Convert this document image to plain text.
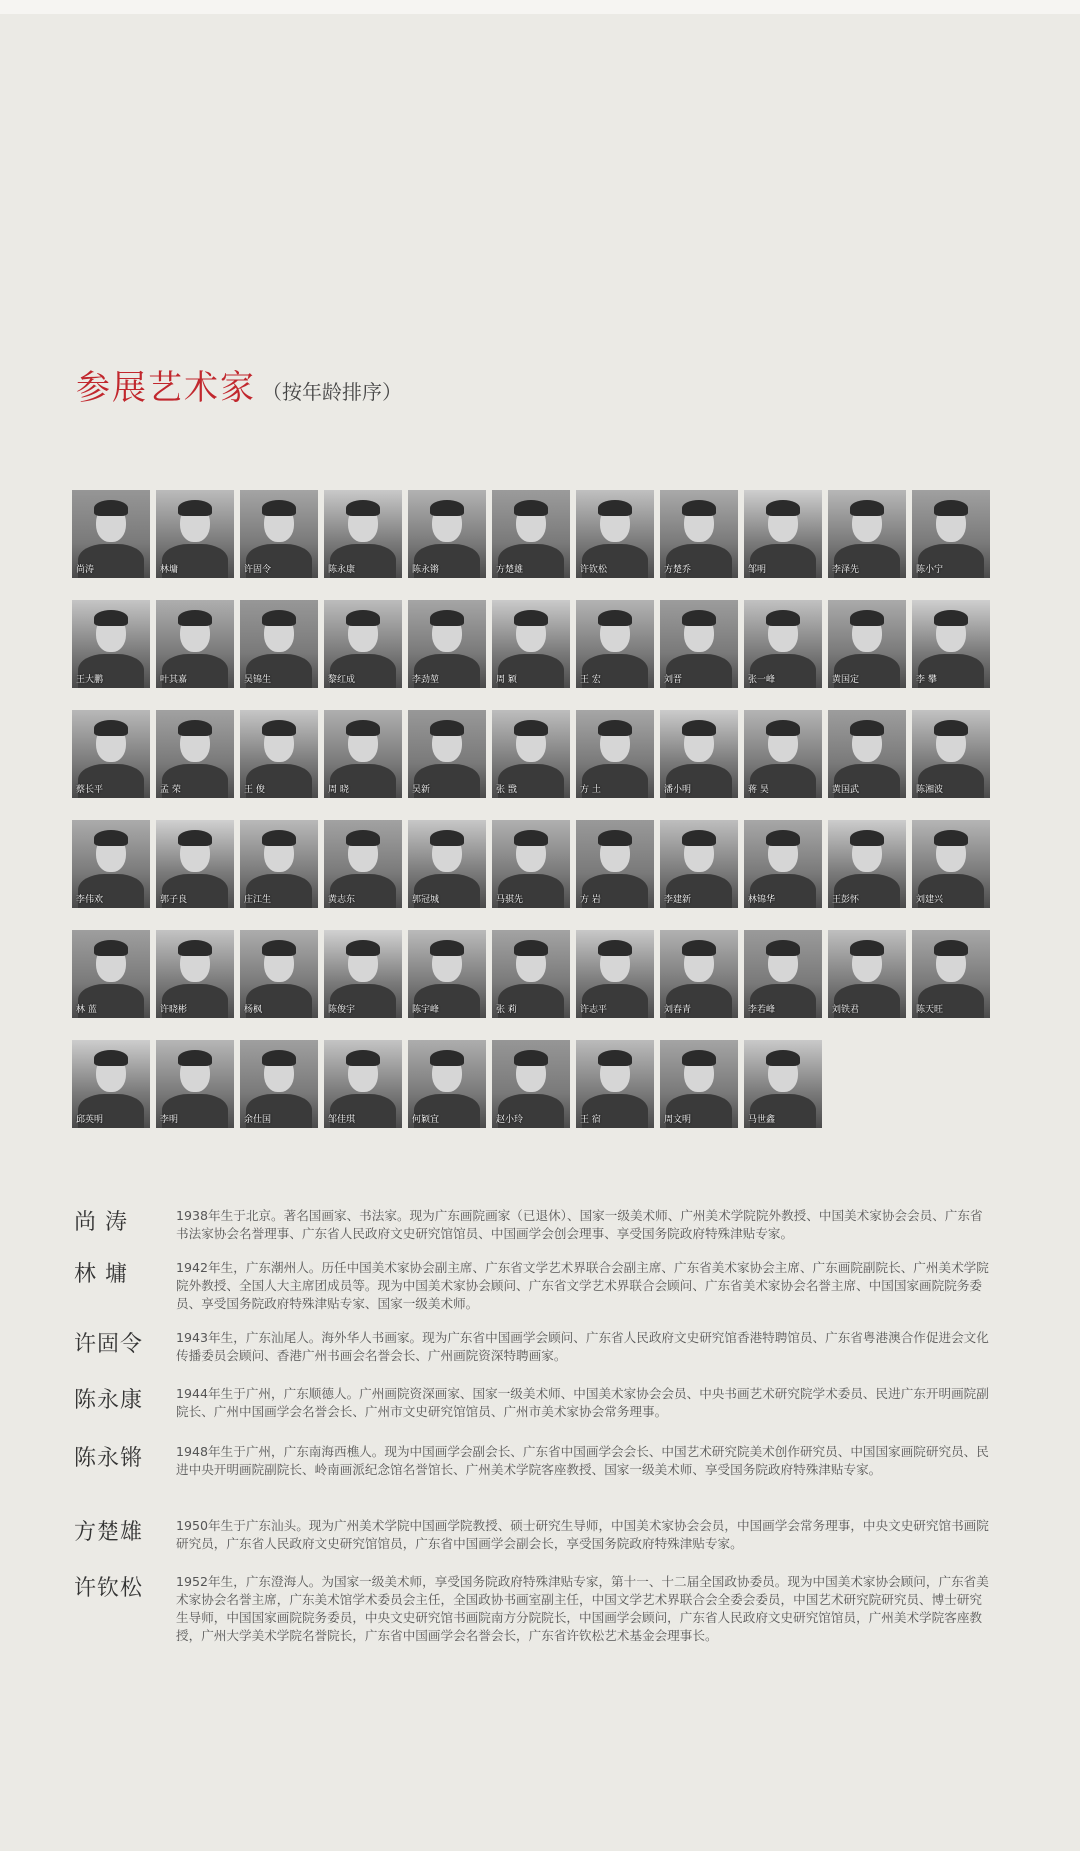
参展艺术家 （按年龄排序）
尚涛	林墉	许固令	陈永康	陈永锵	方楚雄	许钦松	方楚乔	邹明	李泽先	陈小宁
王大鹏	叶其嘉	吴锦生	黎红成	李劲堃	周 颖	王 宏	刘晋	张一峰	黄国定	李 攀
蔡长平	孟 荣	王 俊	周 晓	吴新	张 戬	方 土	潘小明	蒋 昊	黄国武	陈湘波
李伟欢	郭子良	庄江生	黄志东	郭冠城	马骐先	方 岩	李建新	林锦华	王彭怀	刘建兴
林 蓝	许晓彬	杨枫	陈俊宇	陈宇峰	张 莉	许志平	刘春青	李若峰	刘铁君	陈天旺
邱英明	李明	余仕国	邹佳琪	何颖宜	赵小玲	王 宿	周文明	马世鑫
尚 涛	1938年生于北京。著名国画家、书法家。现为广东画院画家（已退休）、国家一级美术师、广州美术学院院外教授、中国美术家协会会员、广东省书法家协会名誉理事、广东省人民政府文史研究馆馆员、中国画学会创会理事、享受国务院政府特殊津贴专家。
林 墉	1942年生，广东潮州人。历任中国美术家协会副主席、广东省文学艺术界联合会副主席、广东省美术家协会主席、广东画院副院长、广州美术学院院外教授、全国人大主席团成员等。现为中国美术家协会顾问、广东省文学艺术界联合会顾问、广东省美术家协会名誉主席、中国国家画院院务委员、享受国务院政府特殊津贴专家、国家一级美术师。
许固令	1943年生，广东汕尾人。海外华人书画家。现为广东省中国画学会顾问、广东省人民政府文史研究馆香港特聘馆员、广东省粤港澳合作促进会文化传播委员会顾问、香港广州书画会名誉会长、广州画院资深特聘画家。
陈永康	1944年生于广州，广东顺德人。广州画院资深画家、国家一级美术师、中国美术家协会会员、中央书画艺术研究院学术委员、民进广东开明画院副院长、广州中国画学会名誉会长、广州市文史研究馆馆员、广州市美术家协会常务理事。
陈永锵	1948年生于广州，广东南海西樵人。现为中国画学会副会长、广东省中国画学会会长、中国艺术研究院美术创作研究员、中国国家画院研究员、民进中央开明画院副院长、岭南画派纪念馆名誉馆长、广州美术学院客座教授、国家一级美术师、享受国务院政府特殊津贴专家。
方楚雄	1950年生于广东汕头。现为广州美术学院中国画学院教授、硕士研究生导师，中国美术家协会会员，中国画学会常务理事，中央文史研究馆书画院研究员，广东省人民政府文史研究馆馆员，广东省中国画学会副会长，享受国务院政府特殊津贴专家。
许钦松	1952年生，广东澄海人。为国家一级美术师，享受国务院政府特殊津贴专家，第十一、十二届全国政协委员。现为中国美术家协会顾问，广东省美术家协会名誉主席，广东美术馆学术委员会主任，全国政协书画室副主任，中国文学艺术界联合会全委会委员，中国艺术研究院研究员、博士研究生导师，中国国家画院院务委员，中央文史研究馆书画院南方分院院长，中国画学会顾问，广东省人民政府文史研究馆馆员，广州美术学院客座教授，广州大学美术学院名誉院长，广东省中国画学会名誉会长，广东省许钦松艺术基金会理事长。
